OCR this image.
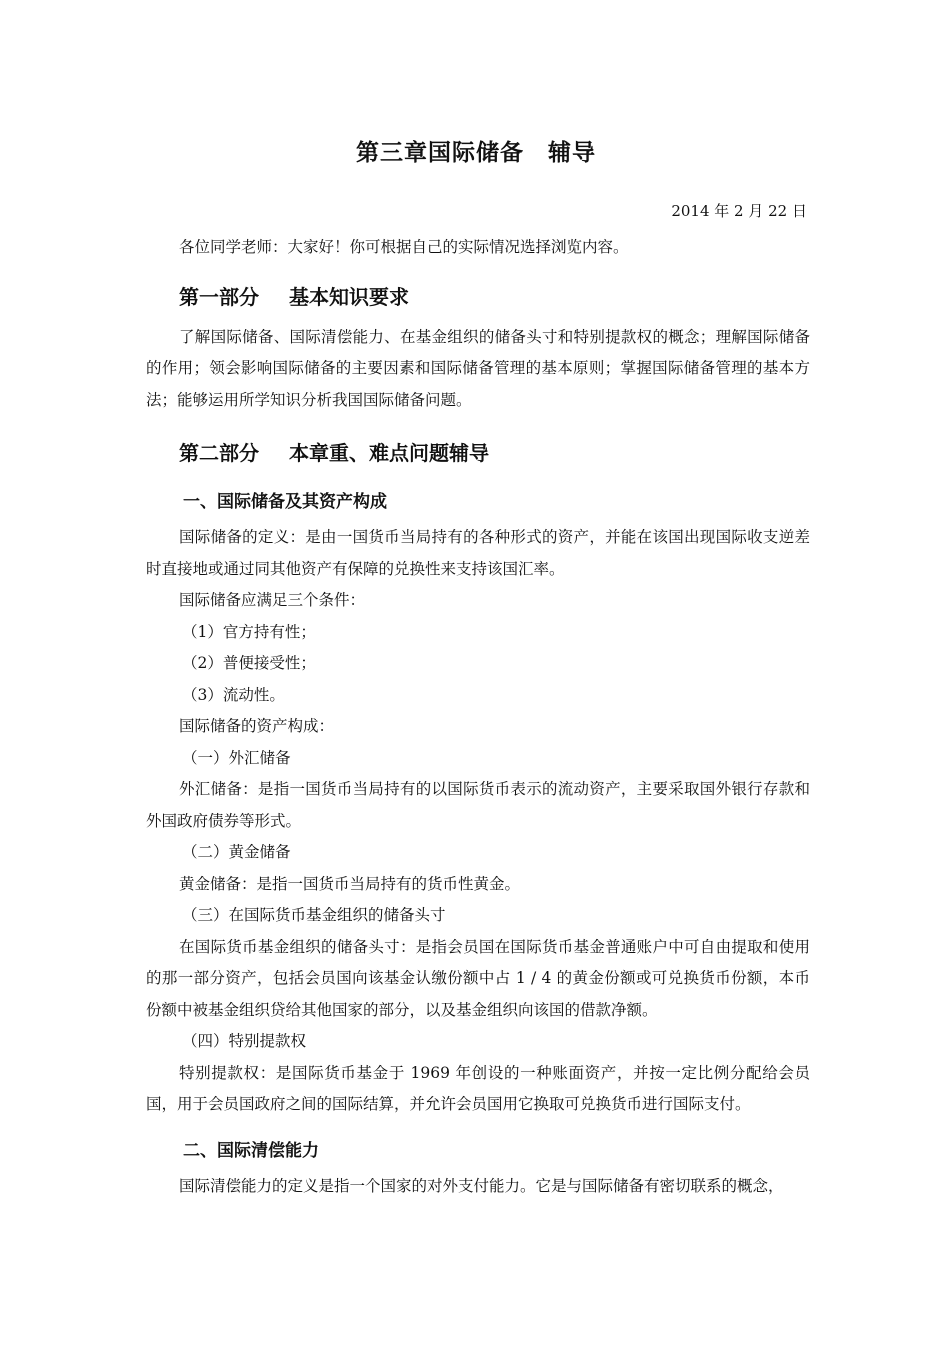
第三章国际储备　辅导
2014 年 2 月 22 日

各位同学老师：大家好！你可根据自己的实际情况选择浏览内容。

第一部分 基本知识要求

了解国际储备、国际清偿能力、在基金组织的储备头寸和特别提款权的概念；理解国际储备的作用；领会影响国际储备的主要因素和国际储备管理的基本原则；掌握国际储备管理的基本方法；能够运用所学知识分析我国国际储备问题。

第二部分 本章重、难点问题辅导
一、国际储备及其资产构成

国际储备的定义：是由一国货币当局持有的各种形式的资产，并能在该国出现国际收支逆差时直接地或通过同其他资产有保障的兑换性来支持该国汇率。

国际储备应满足三个条件：

（1）官方持有性；

（2）普便接受性；

（3）流动性。

国际储备的资产构成：

（一）外汇储备

外汇储备：是指一国货币当局持有的以国际货币表示的流动资产，主要采取国外银行存款和外国政府债券等形式。

（二）黄金储备

黄金储备：是指一国货币当局持有的货币性黄金。

（三）在国际货币基金组织的储备头寸

在国际货币基金组织的储备头寸：是指会员国在国际货币基金普通账户中可自由提取和使用的那一部分资产，包括会员国向该基金认缴份额中占 1 / 4 的黄金份额或可兑换货币份额，本币份额中被基金组织贷给其他国家的部分，以及基金组织向该国的借款净额。

（四）特别提款权

特别提款权：是国际货币基金于 1969 年创设的一种账面资产，并按一定比例分配给会员国，用于会员国政府之间的国际结算，并允许会员国用它换取可兑换货币进行国际支付。

二、国际清偿能力

国际清偿能力的定义是指一个国家的对外支付能力。它是与国际储备有密切联系的概念，
